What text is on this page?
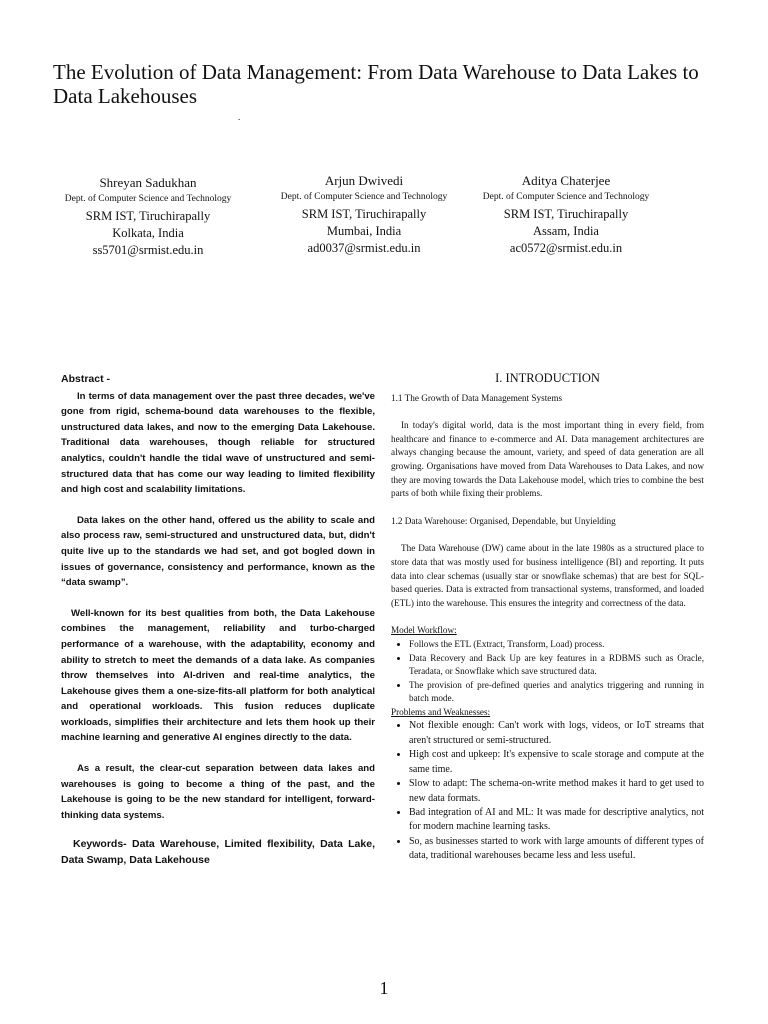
The Evolution of Data Management: From Data Warehouse to Data Lakes to Data Lakehouses
.
Shreyan Sadukhan
Dept. of Computer Science and Technology
SRM IST, Tiruchirapally
Kolkata, India
ss5701@srmist.edu.in
Arjun Dwivedi
Dept. of Computer Science and Technology
SRM IST, Tiruchirapally
Mumbai, India
ad0037@srmist.edu.in
Aditya Chaterjee
Dept. of Computer Science and Technology
SRM IST, Tiruchirapally
Assam, India
ac0572@srmist.edu.in
Abstract -

In terms of data management over the past three decades, we've gone from rigid, schema-bound data warehouses to the flexible, unstructured data lakes, and now to the emerging Data Lakehouse. Traditional data warehouses, though reliable for structured analytics, couldn't handle the tidal wave of unstructured and semi-structured data that has come our way leading to limited flexibility and high cost and scalability limitations.

Data lakes on the other hand, offered us the ability to scale and also process raw, semi-structured and unstructured data, but, didn't quite live up to the standards we had set, and got bogled down in issues of governance, consistency and performance, known as the “data swamp”.

Well-known for its best qualities from both, the Data Lakehouse combines the management, reliability and turbo-charged performance of a warehouse, with the adaptability, economy and ability to stretch to meet the demands of a data lake. As companies throw themselves into AI-driven and real-time analytics, the Lakehouse gives them a one-size-fits-all platform for both analytical and operational workloads. This fusion reduces duplicate workloads, simplifies their architecture and lets them hook up their machine learning and generative AI engines directly to the data.

As a result, the clear-cut separation between data lakes and warehouses is going to become a thing of the past, and the Lakehouse is going to be the new standard for intelligent, forward-thinking data systems.

Keywords- Data Warehouse, Limited flexibility, Data Lake, Data Swamp, Data Lakehouse

I. INTRODUCTION

1.1 The Growth of Data Management Systems

In today's digital world, data is the most important thing in every field, from healthcare and finance to e-commerce and AI. Data management architectures are always changing because the amount, variety, and speed of data generation are all growing. Organisations have moved from Data Warehouses to Data Lakes, and now they are moving towards the Data Lakehouse model, which tries to combine the best parts of both while fixing their problems.

1.2 Data Warehouse: Organised, Dependable, but Unyielding

The Data Warehouse (DW) came about in the late 1980s as a structured place to store data that was mostly used for business intelligence (BI) and reporting. It puts data into clear schemas (usually star or snowflake schemas) that are best for SQL-based queries. Data is extracted from transactional systems, transformed, and loaded (ETL) into the warehouse. This ensures the integrity and correctness of the data.

Model Workflow:
• Follows the ETL (Extract, Transform, Load) process.
• Data Recovery and Back Up are key features in a RDBMS such as Oracle, Teradata, or Snowflake which save structured data.
• The provision of pre-defined queries and analytics triggering and running in batch mode.
Problems and Weaknesses:
• Not flexible enough: Can't work with logs, videos, or IoT streams that aren't structured or semi-structured.
• High cost and upkeep: It's expensive to scale storage and compute at the same time.
• Slow to adapt: The schema-on-write method makes it hard to get used to new data formats.
• Bad integration of AI and ML: It was made for descriptive analytics, not for modern machine learning tasks.
• So, as businesses started to work with large amounts of different types of data, traditional warehouses became less and less useful.
1
